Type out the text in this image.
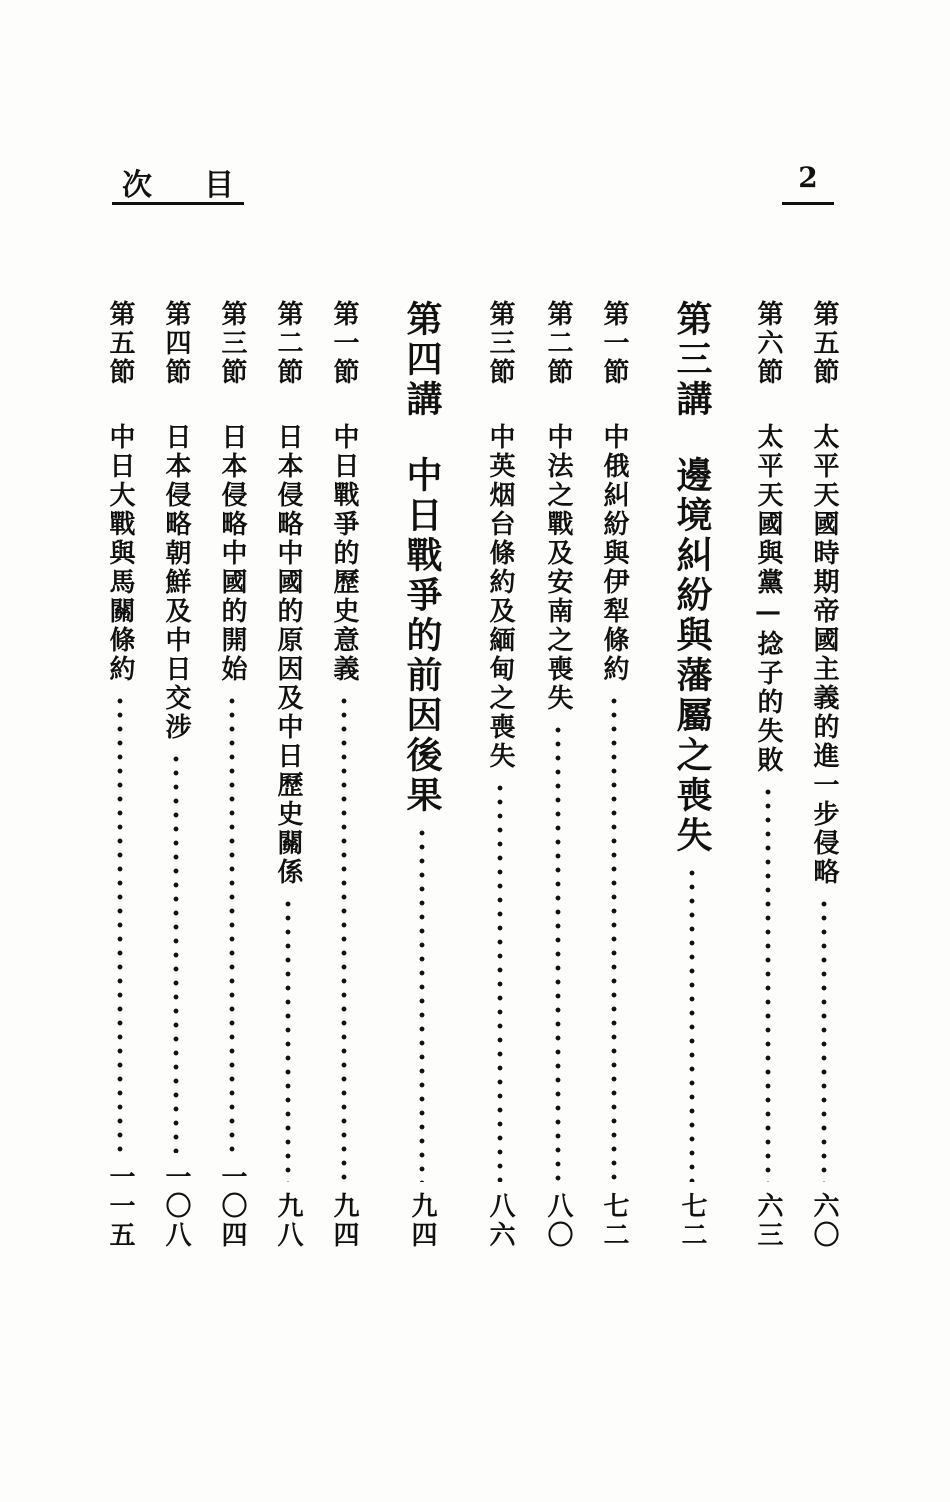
次 目	2
第五節
太平天國時期帝國主義的進一步侵略
六〇
第六節
太平天國與黨—捻子的失敗
六三
第三講
邊境糾紛與藩屬之喪失
七二
第一節
中俄糾紛與伊犁條約
七二
第二節
中法之戰及安南之喪失
八〇
第三節
中英烟台條約及緬甸之喪失
八六
第四講
中日戰爭的前因後果
九四
第一節
中日戰爭的歷史意義
九四
第二節
日本侵略中國的原因及中日歷史關係
九八
第三節
日本侵略中國的開始
一〇四
第四節
日本侵略朝鮮及中日交涉
一〇八
第五節
中日大戰與馬關條約
一一五
